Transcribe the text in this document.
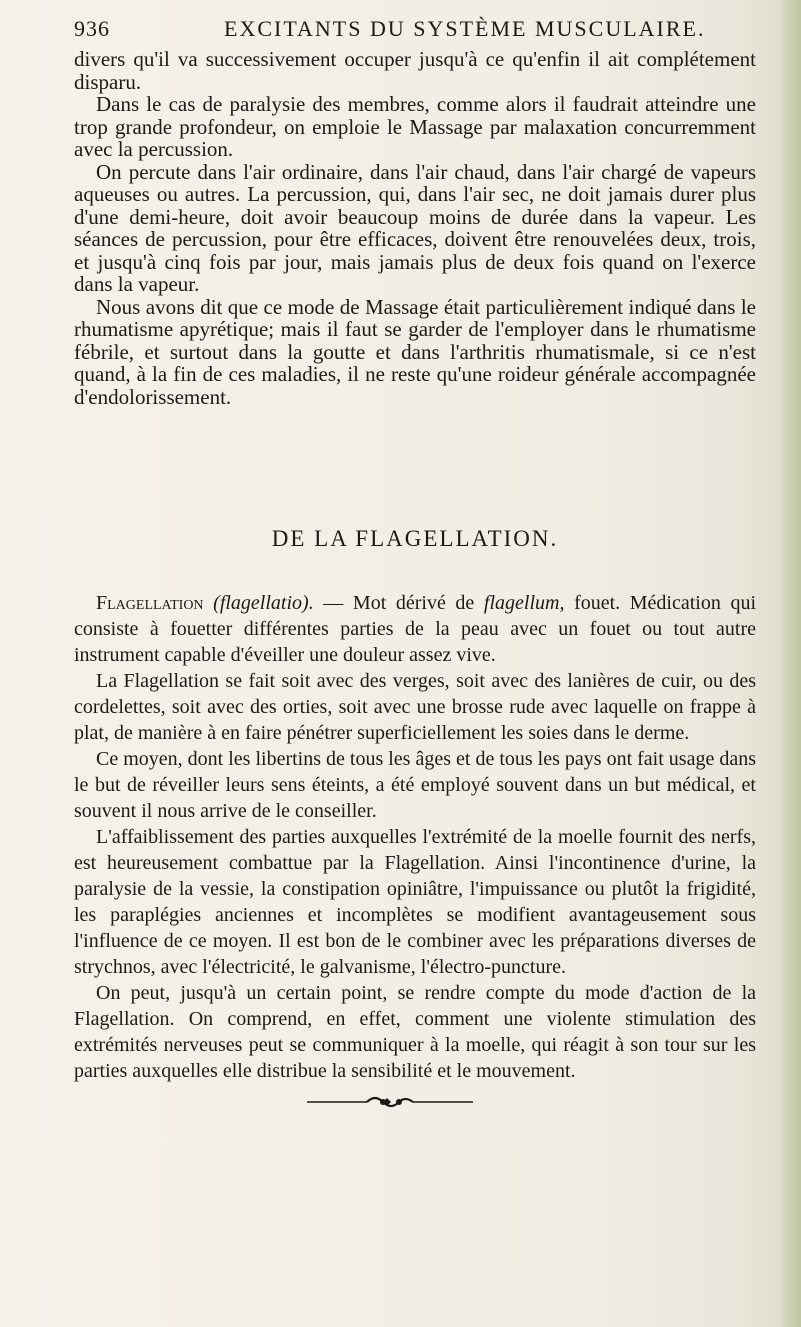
936	EXCITANTS DU SYSTÈME MUSCULAIRE.

divers qu'il va successivement occuper jusqu'à ce qu'enfin il ait complétement disparu.

Dans le cas de paralysie des membres, comme alors il faudrait atteindre une trop grande profondeur, on emploie le Massage par malaxation concurremment avec la percussion.

On percute dans l'air ordinaire, dans l'air chaud, dans l'air chargé de vapeurs aqueuses ou autres. La percussion, qui, dans l'air sec, ne doit jamais durer plus d'une demi-heure, doit avoir beaucoup moins de durée dans la vapeur. Les séances de percussion, pour être efficaces, doivent être renouvelées deux, trois, et jusqu'à cinq fois par jour, mais jamais plus de deux fois quand on l'exerce dans la vapeur.

Nous avons dit que ce mode de Massage était particulièrement indiqué dans le rhumatisme apyrétique; mais il faut se garder de l'employer dans le rhumatisme fébrile, et surtout dans la goutte et dans l'arthritis rhumatismale, si ce n'est quand, à la fin de ces maladies, il ne reste qu'une roideur générale accompagnée d'endolorissement.

DE LA FLAGELLATION.

Flagellation (flagellatio). — Mot dérivé de flagellum, fouet. Médication qui consiste à fouetter différentes parties de la peau avec un fouet ou tout autre instrument capable d'éveiller une douleur assez vive.

La Flagellation se fait soit avec des verges, soit avec des lanières de cuir, ou des cordelettes, soit avec des orties, soit avec une brosse rude avec laquelle on frappe à plat, de manière à en faire pénétrer superficiellement les soies dans le derme.

Ce moyen, dont les libertins de tous les âges et de tous les pays ont fait usage dans le but de réveiller leurs sens éteints, a été employé souvent dans un but médical, et souvent il nous arrive de le conseiller.

L'affaiblissement des parties auxquelles l'extrémité de la moelle fournit des nerfs, est heureusement combattue par la Flagellation. Ainsi l'incontinence d'urine, la paralysie de la vessie, la constipation opiniâtre, l'impuissance ou plutôt la frigidité, les paraplégies anciennes et incomplètes se modifient avantageusement sous l'influence de ce moyen. Il est bon de le combiner avec les préparations diverses de strychnos, avec l'électricité, le galvanisme, l'électro-puncture.

On peut, jusqu'à un certain point, se rendre compte du mode d'action de la Flagellation. On comprend, en effet, comment une violente stimulation des extrémités nerveuses peut se communiquer à la moelle, qui réagit à son tour sur les parties auxquelles elle distribue la sensibilité et le mouvement.
